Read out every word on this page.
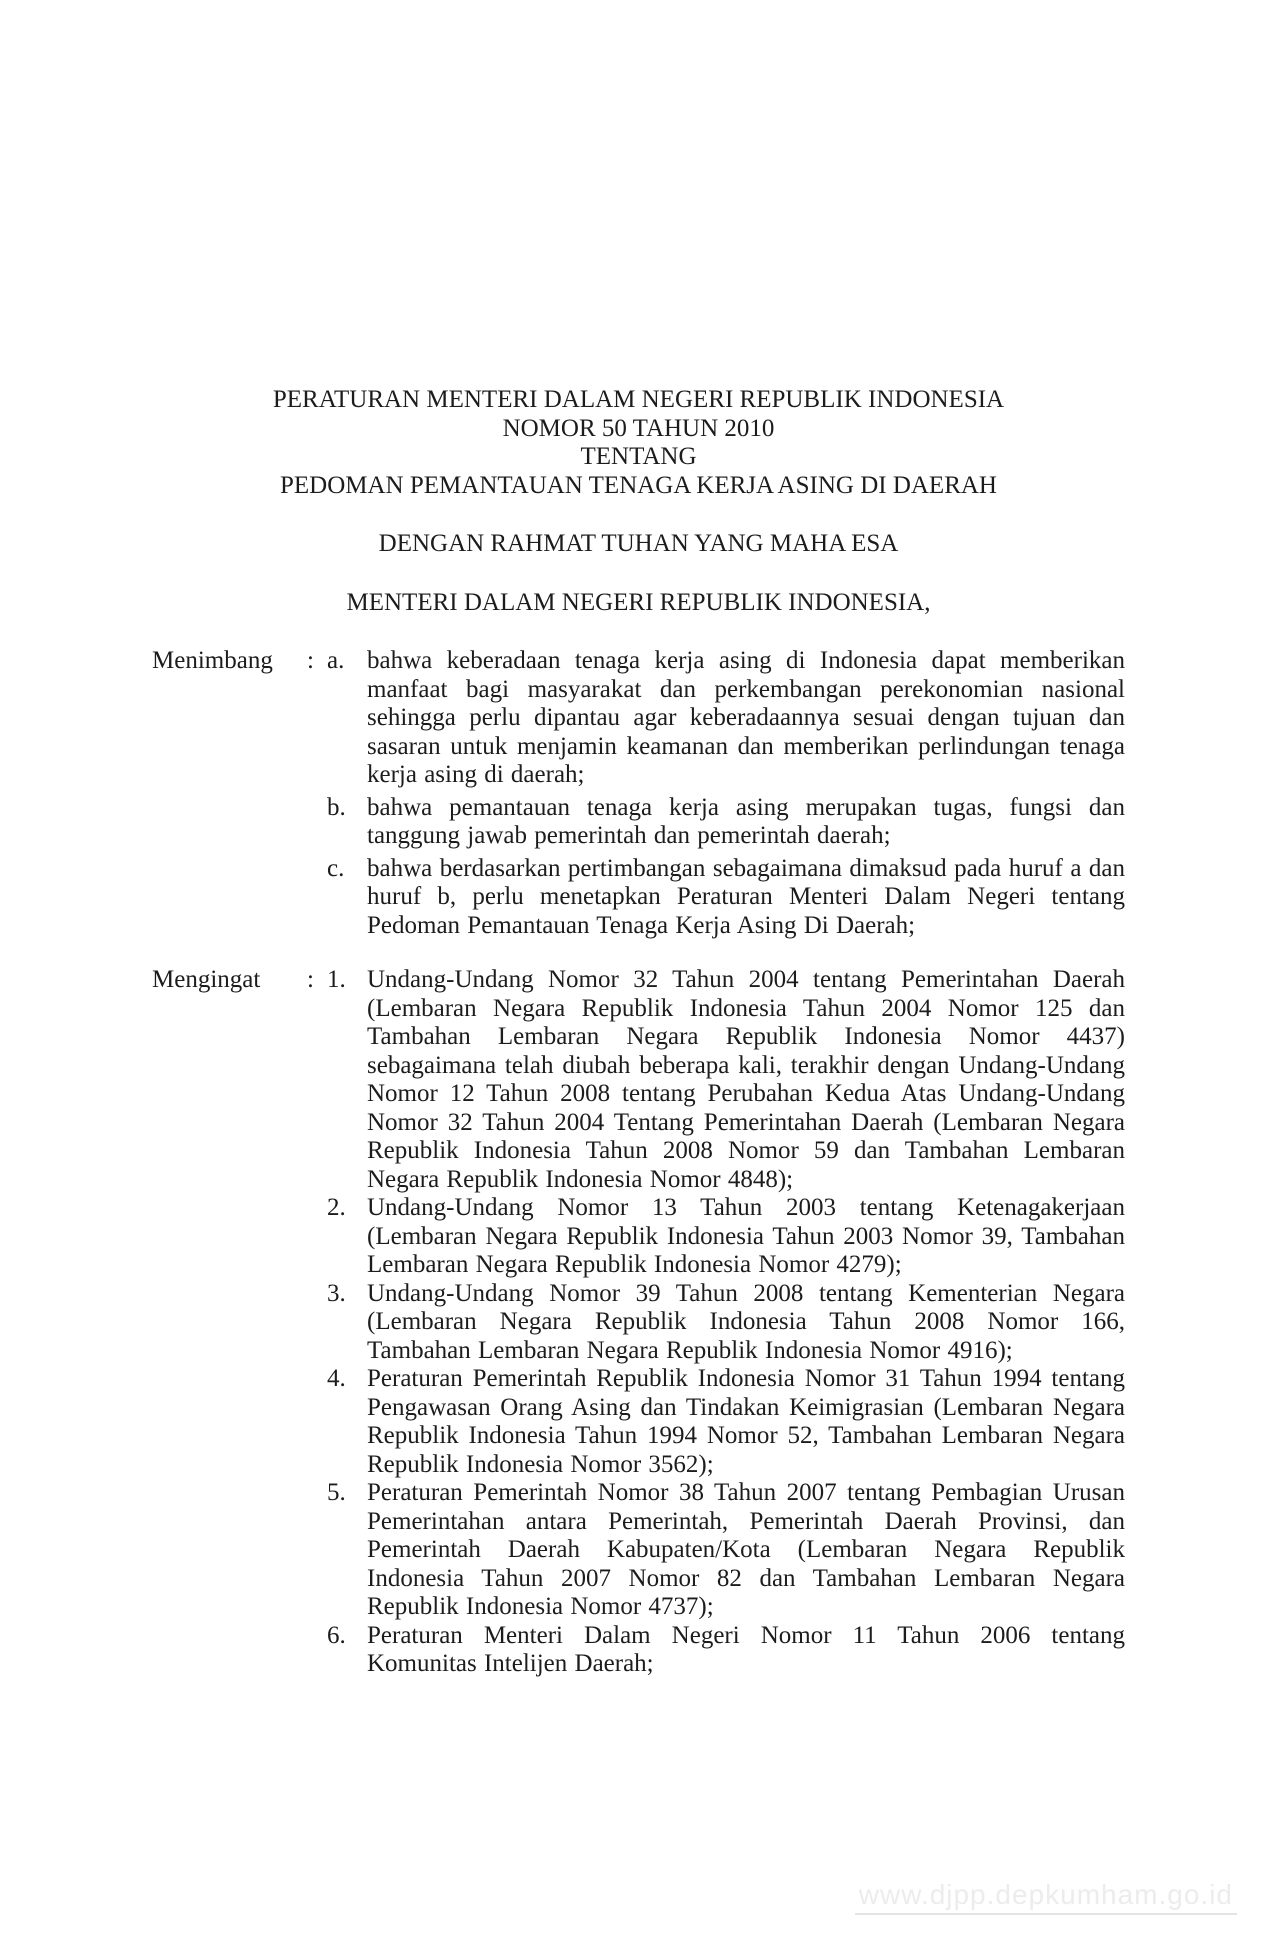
PERATURAN MENTERI DALAM NEGERI REPUBLIK INDONESIA
NOMOR 50 TAHUN 2010
TENTANG
PEDOMAN PEMANTAUAN TENAGA KERJA ASING DI DAERAH
DENGAN RAHMAT TUHAN YANG MAHA ESA
MENTERI DALAM NEGERI REPUBLIK INDONESIA,
Menimbang	: a. bahwa keberadaan tenaga kerja asing di Indonesia dapat memberikan manfaat bagi masyarakat dan perkembangan perekonomian nasional sehingga perlu dipantau agar keberadaannya sesuai dengan tujuan dan sasaran untuk menjamin keamanan dan memberikan perlindungan tenaga kerja asing di daerah;
b. bahwa pemantauan tenaga kerja asing merupakan tugas, fungsi dan tanggung jawab pemerintah dan pemerintah daerah;
c. bahwa berdasarkan pertimbangan sebagaimana dimaksud pada huruf a dan huruf b, perlu menetapkan Peraturan Menteri Dalam Negeri tentang Pedoman Pemantauan Tenaga Kerja Asing Di Daerah;
Mengingat	: 1. Undang-Undang Nomor 32 Tahun 2004 tentang Pemerintahan Daerah (Lembaran Negara Republik Indonesia Tahun 2004 Nomor 125 dan Tambahan Lembaran Negara Republik Indonesia Nomor 4437) sebagaimana telah diubah beberapa kali, terakhir dengan Undang-Undang Nomor 12 Tahun 2008 tentang Perubahan Kedua Atas Undang-Undang Nomor 32 Tahun 2004 Tentang Pemerintahan Daerah (Lembaran Negara Republik Indonesia Tahun 2008 Nomor 59 dan Tambahan Lembaran Negara Republik Indonesia Nomor 4848);
2. Undang-Undang Nomor 13 Tahun 2003 tentang Ketenagakerjaan (Lembaran Negara Republik Indonesia Tahun 2003 Nomor 39, Tambahan Lembaran Negara Republik Indonesia Nomor 4279);
3. Undang-Undang Nomor 39 Tahun 2008 tentang Kementerian Negara (Lembaran Negara Republik Indonesia Tahun 2008 Nomor 166, Tambahan Lembaran Negara Republik Indonesia Nomor 4916);
4. Peraturan Pemerintah Republik Indonesia Nomor 31 Tahun 1994 tentang Pengawasan Orang Asing dan Tindakan Keimigrasian (Lembaran Negara Republik Indonesia Tahun 1994 Nomor 52, Tambahan Lembaran Negara Republik Indonesia Nomor 3562);
5. Peraturan Pemerintah Nomor 38 Tahun 2007 tentang Pembagian Urusan Pemerintahan antara Pemerintah, Pemerintah Daerah Provinsi, dan Pemerintah Daerah Kabupaten/Kota (Lembaran Negara Republik Indonesia Tahun 2007 Nomor 82 dan Tambahan Lembaran Negara Republik Indonesia Nomor 4737);
6. Peraturan Menteri Dalam Negeri Nomor 11 Tahun 2006 tentang Komunitas Intelijen Daerah;
www.djpp.depkumham.go.id
